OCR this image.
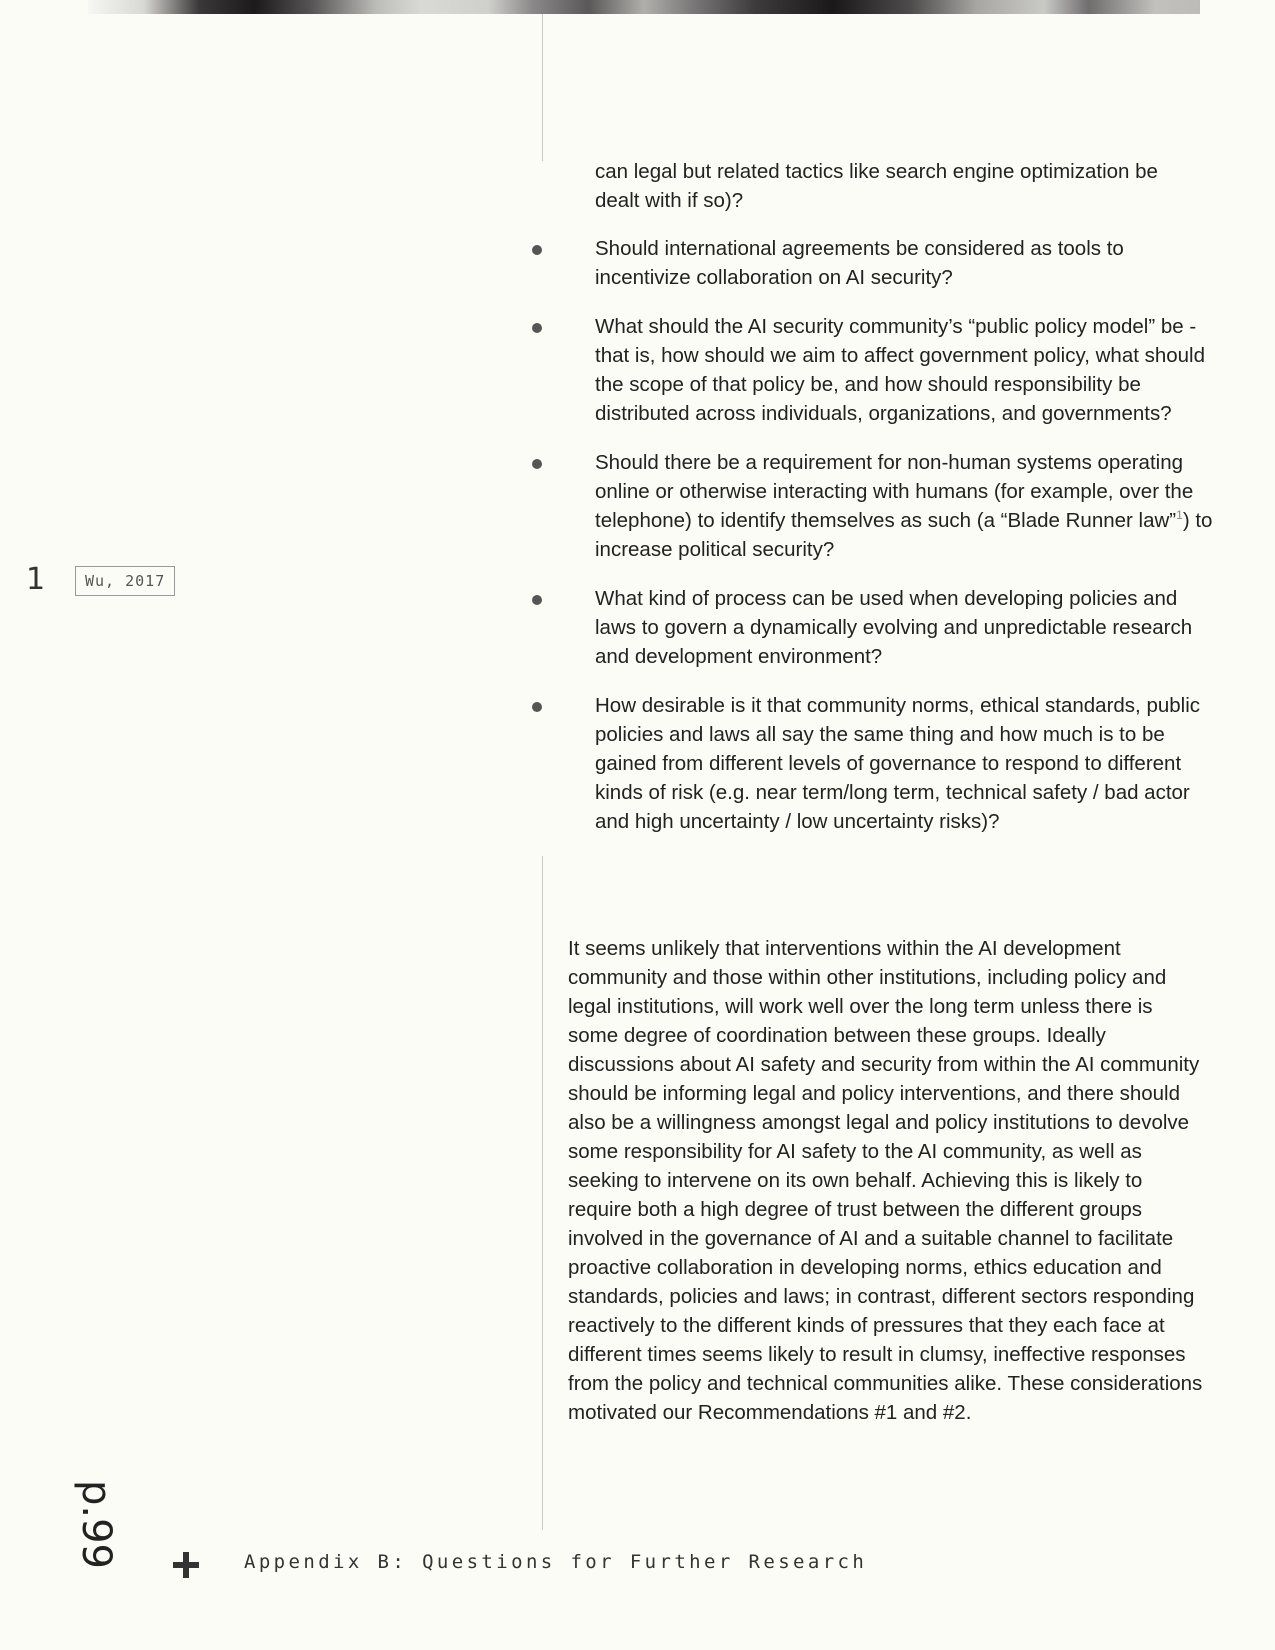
1	Wu, 2017
can legal but related tactics like search engine optimization be dealt with if so)?
Should international agreements be considered as tools to incentivize collaboration on AI security?
What should the AI security community’s “public policy model” be - that is, how should we aim to affect government policy, what should the scope of that policy be, and how should responsibility be distributed across individuals, organizations, and governments?
Should there be a requirement for non-human systems operating online or otherwise interacting with humans (for example, over the telephone) to identify themselves as such (a “Blade Runner law”$^1$) to increase political security?
What kind of process can be used when developing policies and laws to govern a dynamically evolving and unpredictable research and development environment?
How desirable is it that community norms, ethical standards, public policies and laws all say the same thing and how much is to be gained from different levels of governance to respond to different kinds of risk (e.g. near term/long term, technical safety / bad actor and high uncertainty / low uncertainty risks)?

It seems unlikely that interventions within the AI development community and those within other institutions, including policy and legal institutions, will work well over the long term unless there is some degree of coordination between these groups. Ideally discussions about AI safety and security from within the AI community should be informing legal and policy interventions, and there should also be a willingness amongst legal and policy institutions to devolve some responsibility for AI safety to the AI community, as well as seeking to intervene on its own behalf. Achieving this is likely to require both a high degree of trust between the different groups involved in the governance of AI and a suitable channel to facilitate proactive collaboration in developing norms, ethics education and standards, policies and laws; in contrast, different sectors responding reactively to the different kinds of pressures that they each face at different times seems likely to result in clumsy, ineffective responses from the policy and technical communities alike. These considerations motivated our Recommendations #1 and #2.

p.99	Appendix B: Questions for Further Research
